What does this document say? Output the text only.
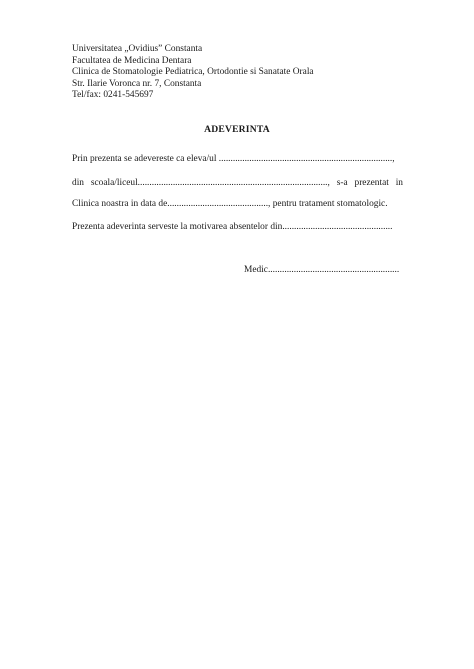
Universitatea „Ovidius” Constanta
Facultatea de Medicina Dentara
Clinica de Stomatologie Pediatrica, Ortodontie si Sanatate Orala
Str. Ilarie Voronca nr. 7, Constanta
Tel/fax: 0241-545697
ADEVERINTA
Prin prezenta se adevereste ca eleva/ul ..........................................................................,
din scoala/liceul................................................................................., s-a prezentat in
Clinica noastra in data de..........................................., pentru tratament stomatologic.
Prezenta adeverinta serveste la motivarea absentelor din...............................................
Medic........................................................
